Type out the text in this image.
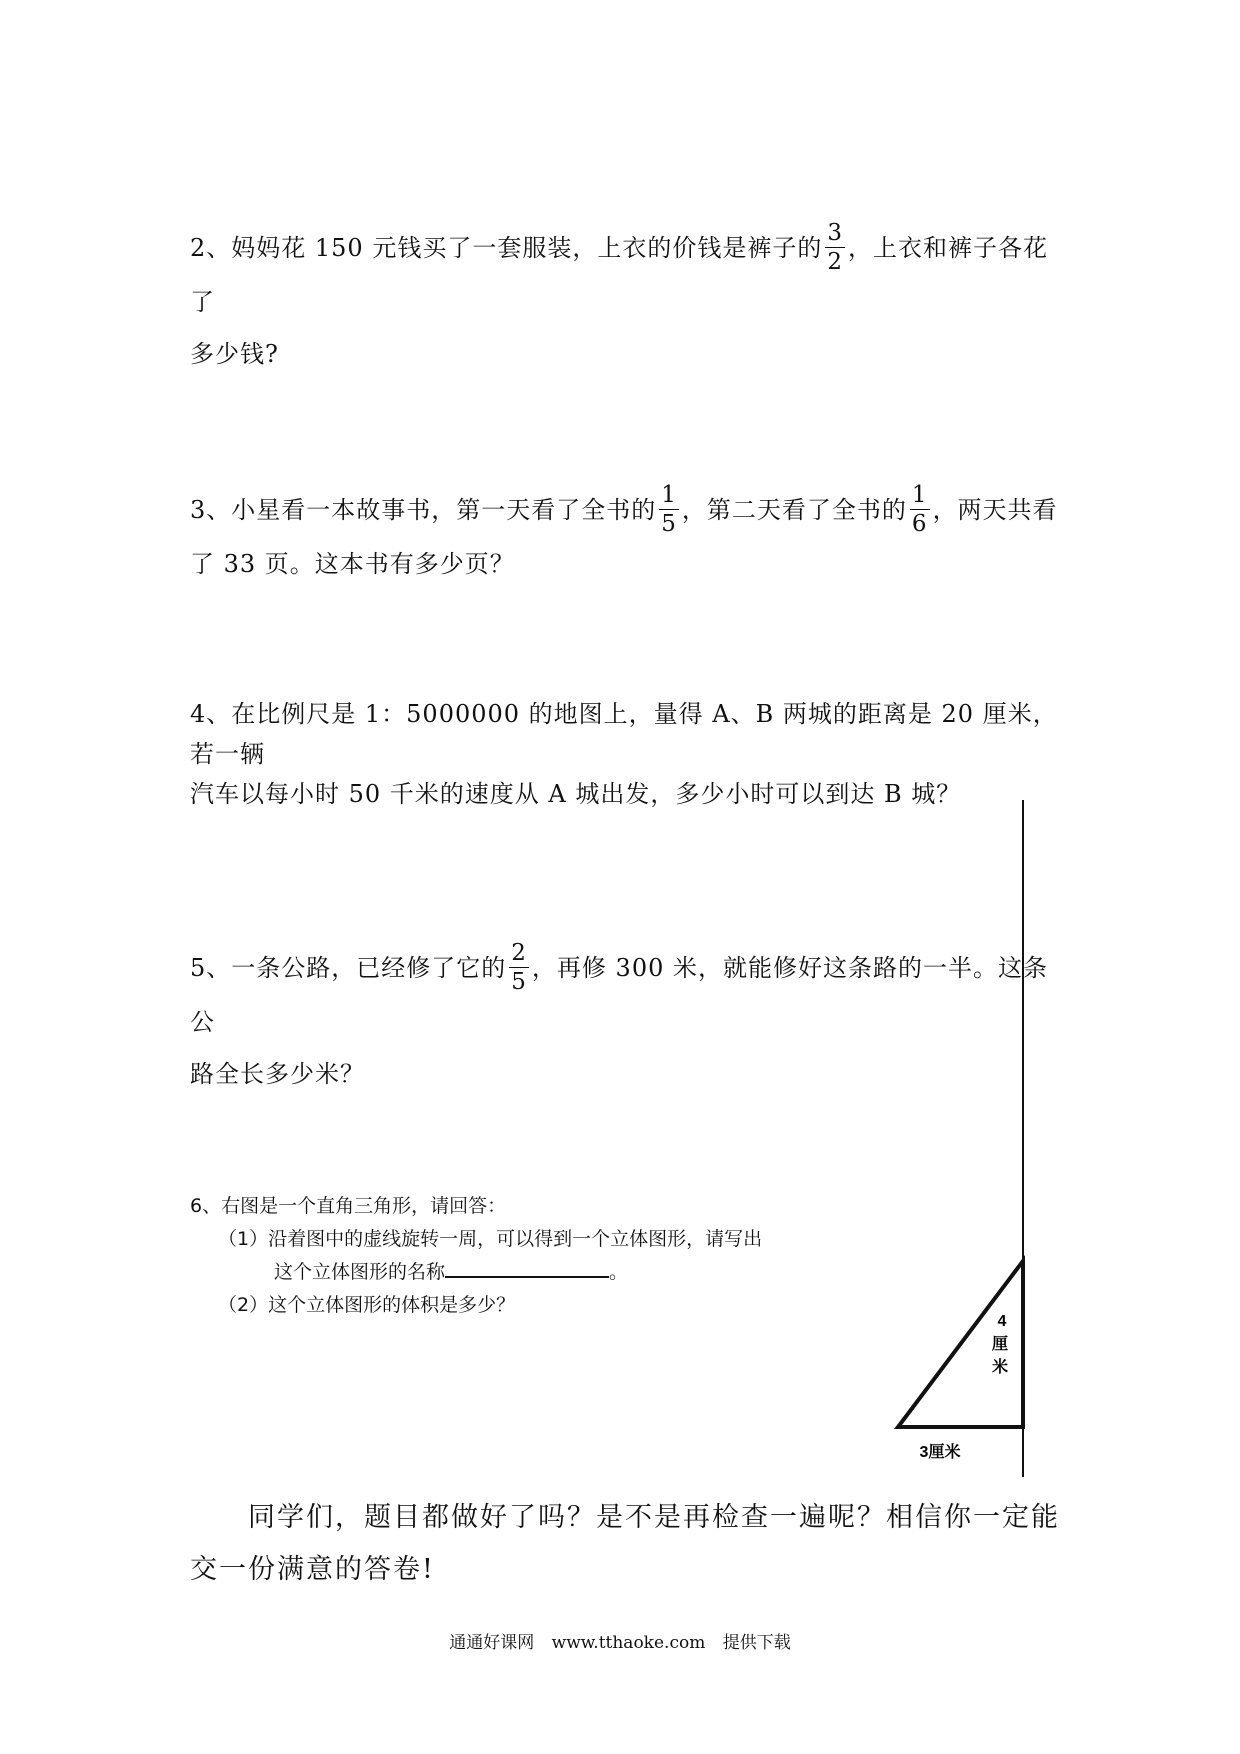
2、妈妈花 150 元钱买了一套服装，上衣的价钱是裤子的 $\frac{3}{2}$ ，上衣和裤子各花了
多少钱?
3、小星看一本故事书，第一天看了全书的 $\frac{1}{5}$ ，第二天看了全书的 $\frac{1}{6}$ ，两天共看
了 33 页。这本书有多少页？
4、在比例尺是 1：5000000 的地图上，量得 A、B 两城的距离是 20 厘米，若一辆
汽车以每小时 50 千米的速度从 A 城出发，多少小时可以到达 B 城？
5、一条公路，已经修了它的 $\frac{2}{5}$ ，再修 300 米，就能修好这条路的一半。这条公
路全长多少米？
6、右图是一个直角三角形，请回答：
（1）沿着图中的虚线旋转一周，可以得到一个立体图形，请写出
这个立体图形的名称	。
（2）这个立体图形的体积是多少？
4
厘
米
3厘米
同学们，题目都做好了吗？是不是再检查一遍呢？相信你一定能
交一份满意的答卷!
通通好课网 www.tthaoke.com 提供下载
